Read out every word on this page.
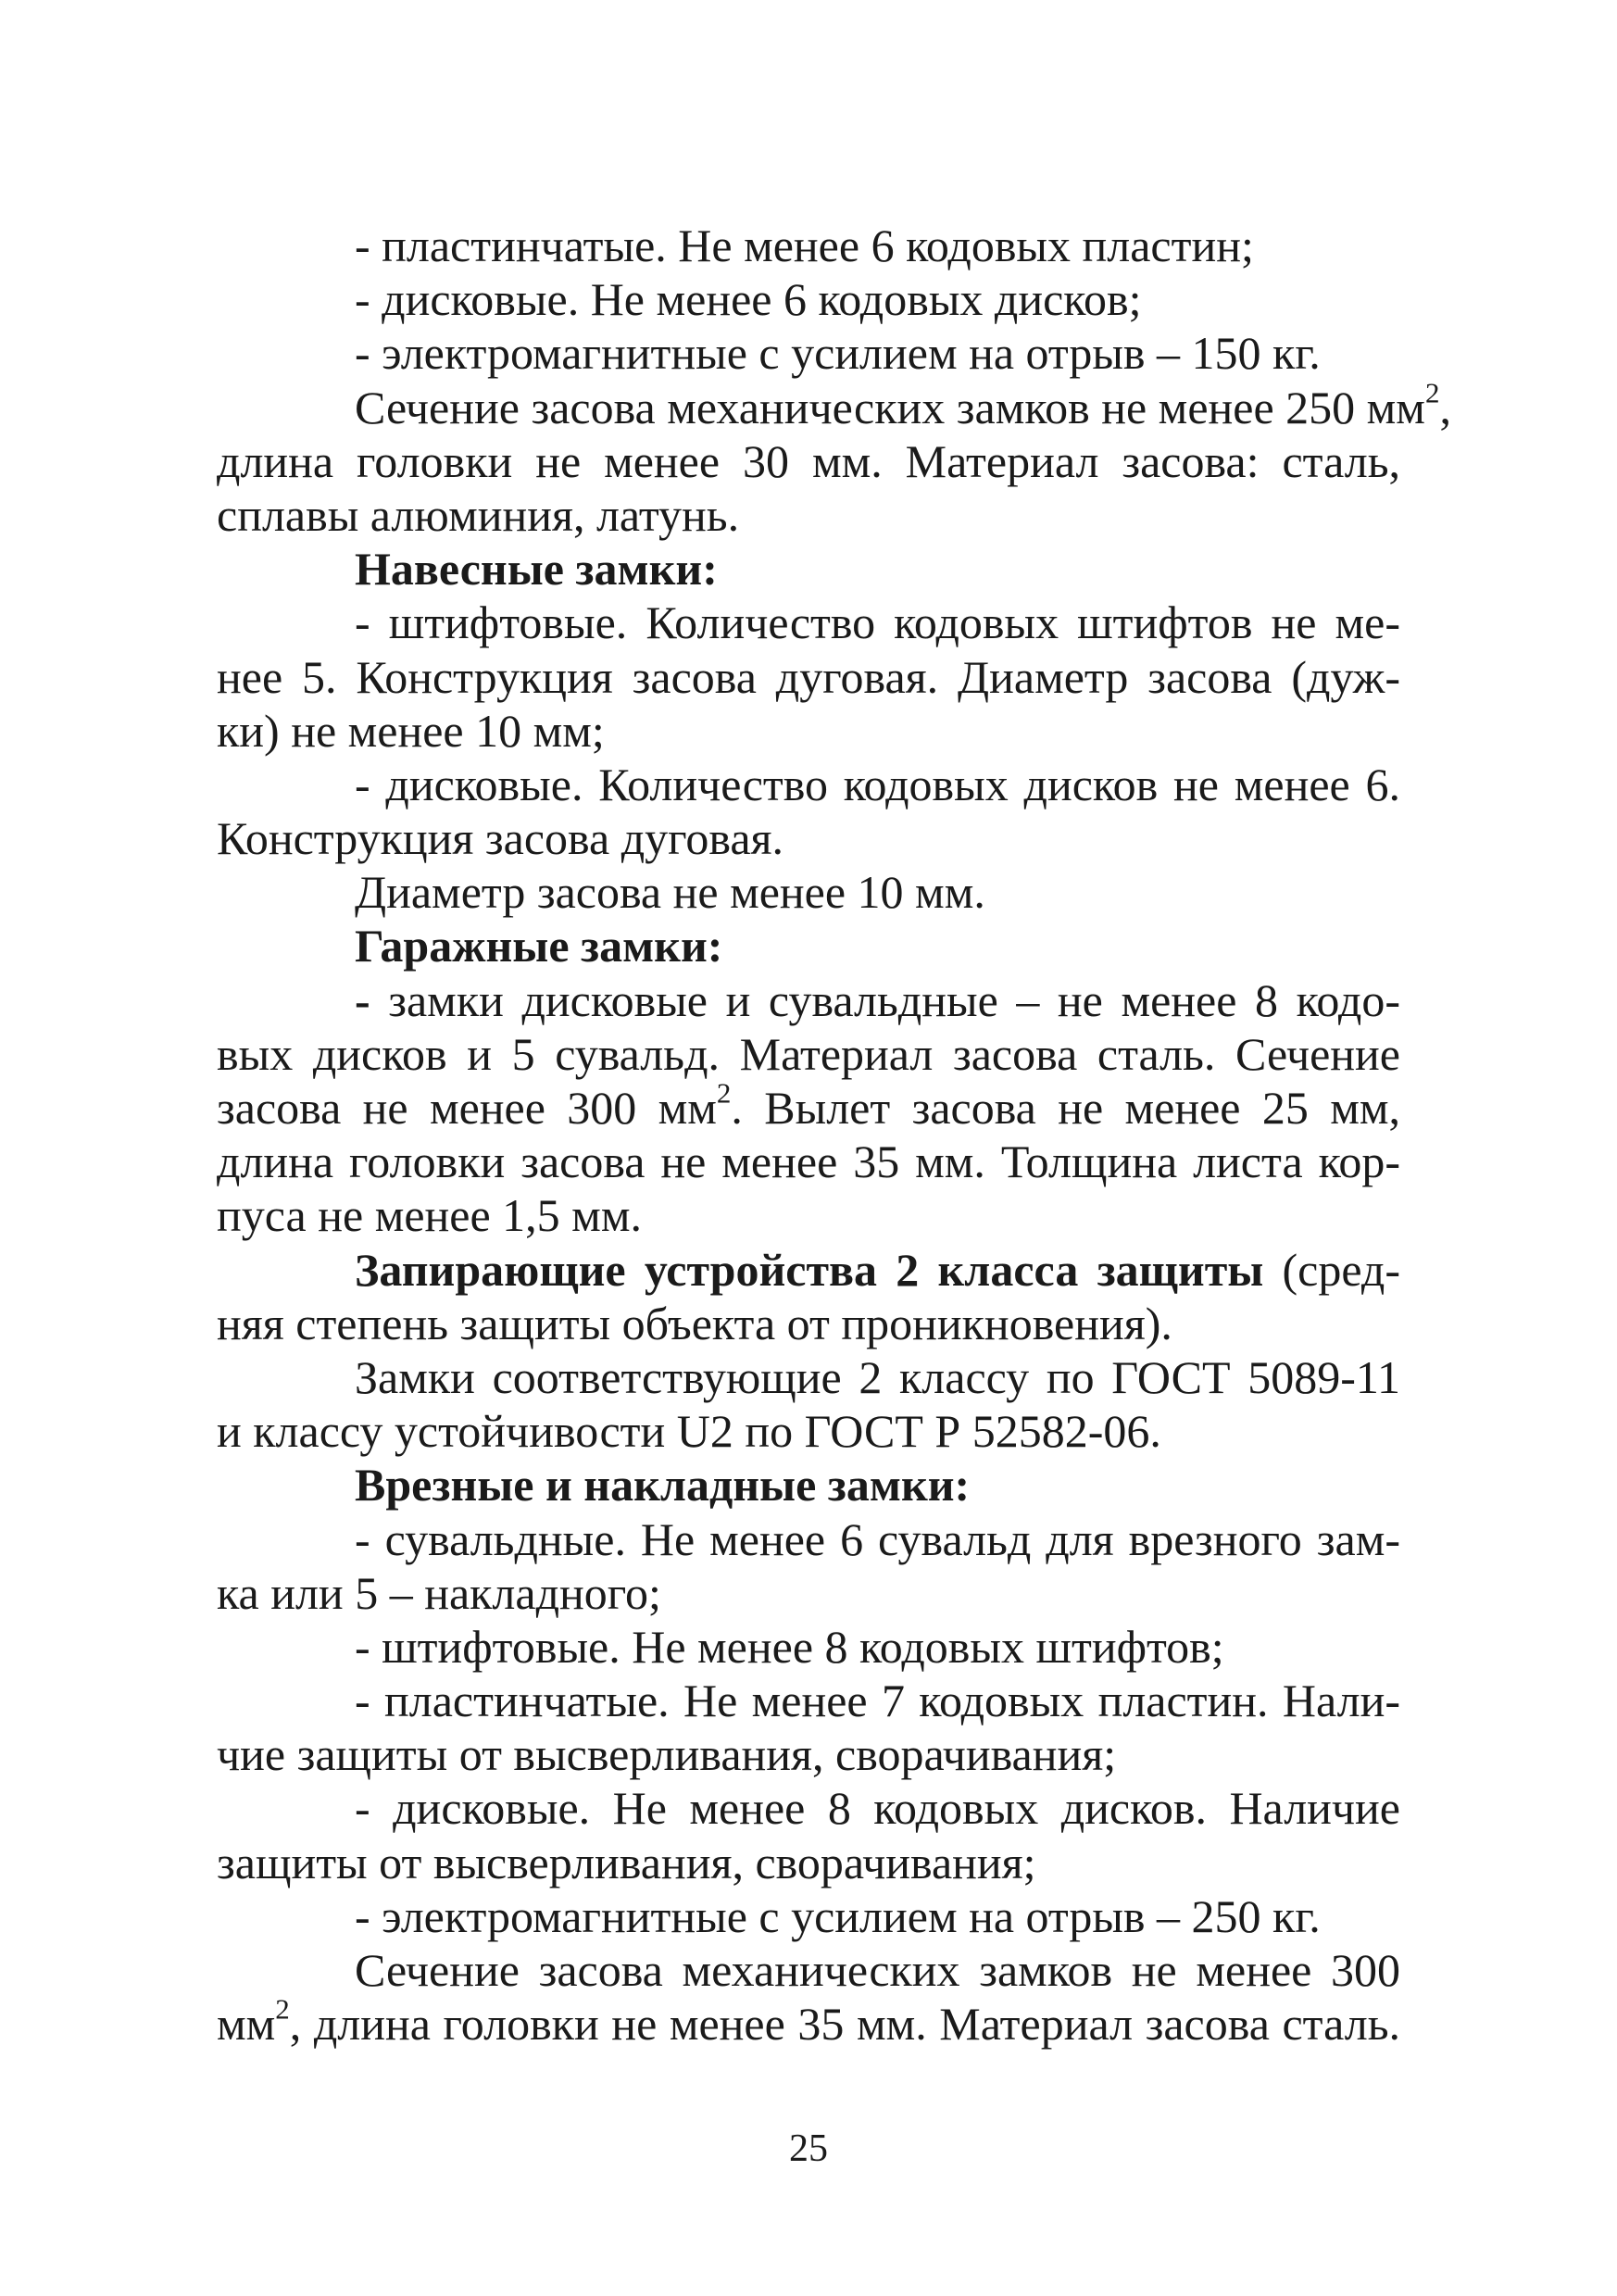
- пластинчатые. Не менее 6 кодовых пластин;
- дисковые. Не менее 6 кодовых дисков;
- электромагнитные с усилием на отрыв – 150 кг.
Сечение засова механических замков не менее 250 $мм^2$,
длина головки не менее 30 мм. Материал засова: сталь,
сплавы алюминия, латунь.
Навесные замки:
- штифтовые. Количество кодовых штифтов не ме-
нее 5. Конструкция засова дуговая. Диаметр засова (дуж-
ки) не менее 10 мм;
- дисковые. Количество кодовых дисков не менее 6.
Конструкция засова дуговая.
Диаметр засова не менее 10 мм.
Гаражные замки:
- замки дисковые и сувальдные – не менее 8 кодо-
вых дисков и 5 сувальд. Материал засова сталь. Сечение
засова не менее 300 $мм^2$. Вылет засова не менее 25 мм,
длина головки засова не менее 35 мм. Толщина листа кор-
пуса не менее 1,5 мм.
Запирающие устройства 2 класса защиты (сред-
няя степень защиты объекта от проникновения).
Замки соответствующие 2 классу по ГОСТ 5089-11
и классу устойчивости U2 по ГОСТ Р 52582-06.
Врезные и накладные замки:
- сувальдные. Не менее 6 сувальд для врезного зам-
ка или 5 – накладного;
- штифтовые. Не менее 8 кодовых штифтов;
- пластинчатые. Не менее 7 кодовых пластин. Нали-
чие защиты от высверливания, сворачивания;
- дисковые. Не менее 8 кодовых дисков. Наличие
защиты от высверливания, сворачивания;
- электромагнитные с усилием на отрыв – 250 кг.
Сечение засова механических замков не менее 300
$мм^2$, длина головки не менее 35 мм. Материал засова сталь.
25
